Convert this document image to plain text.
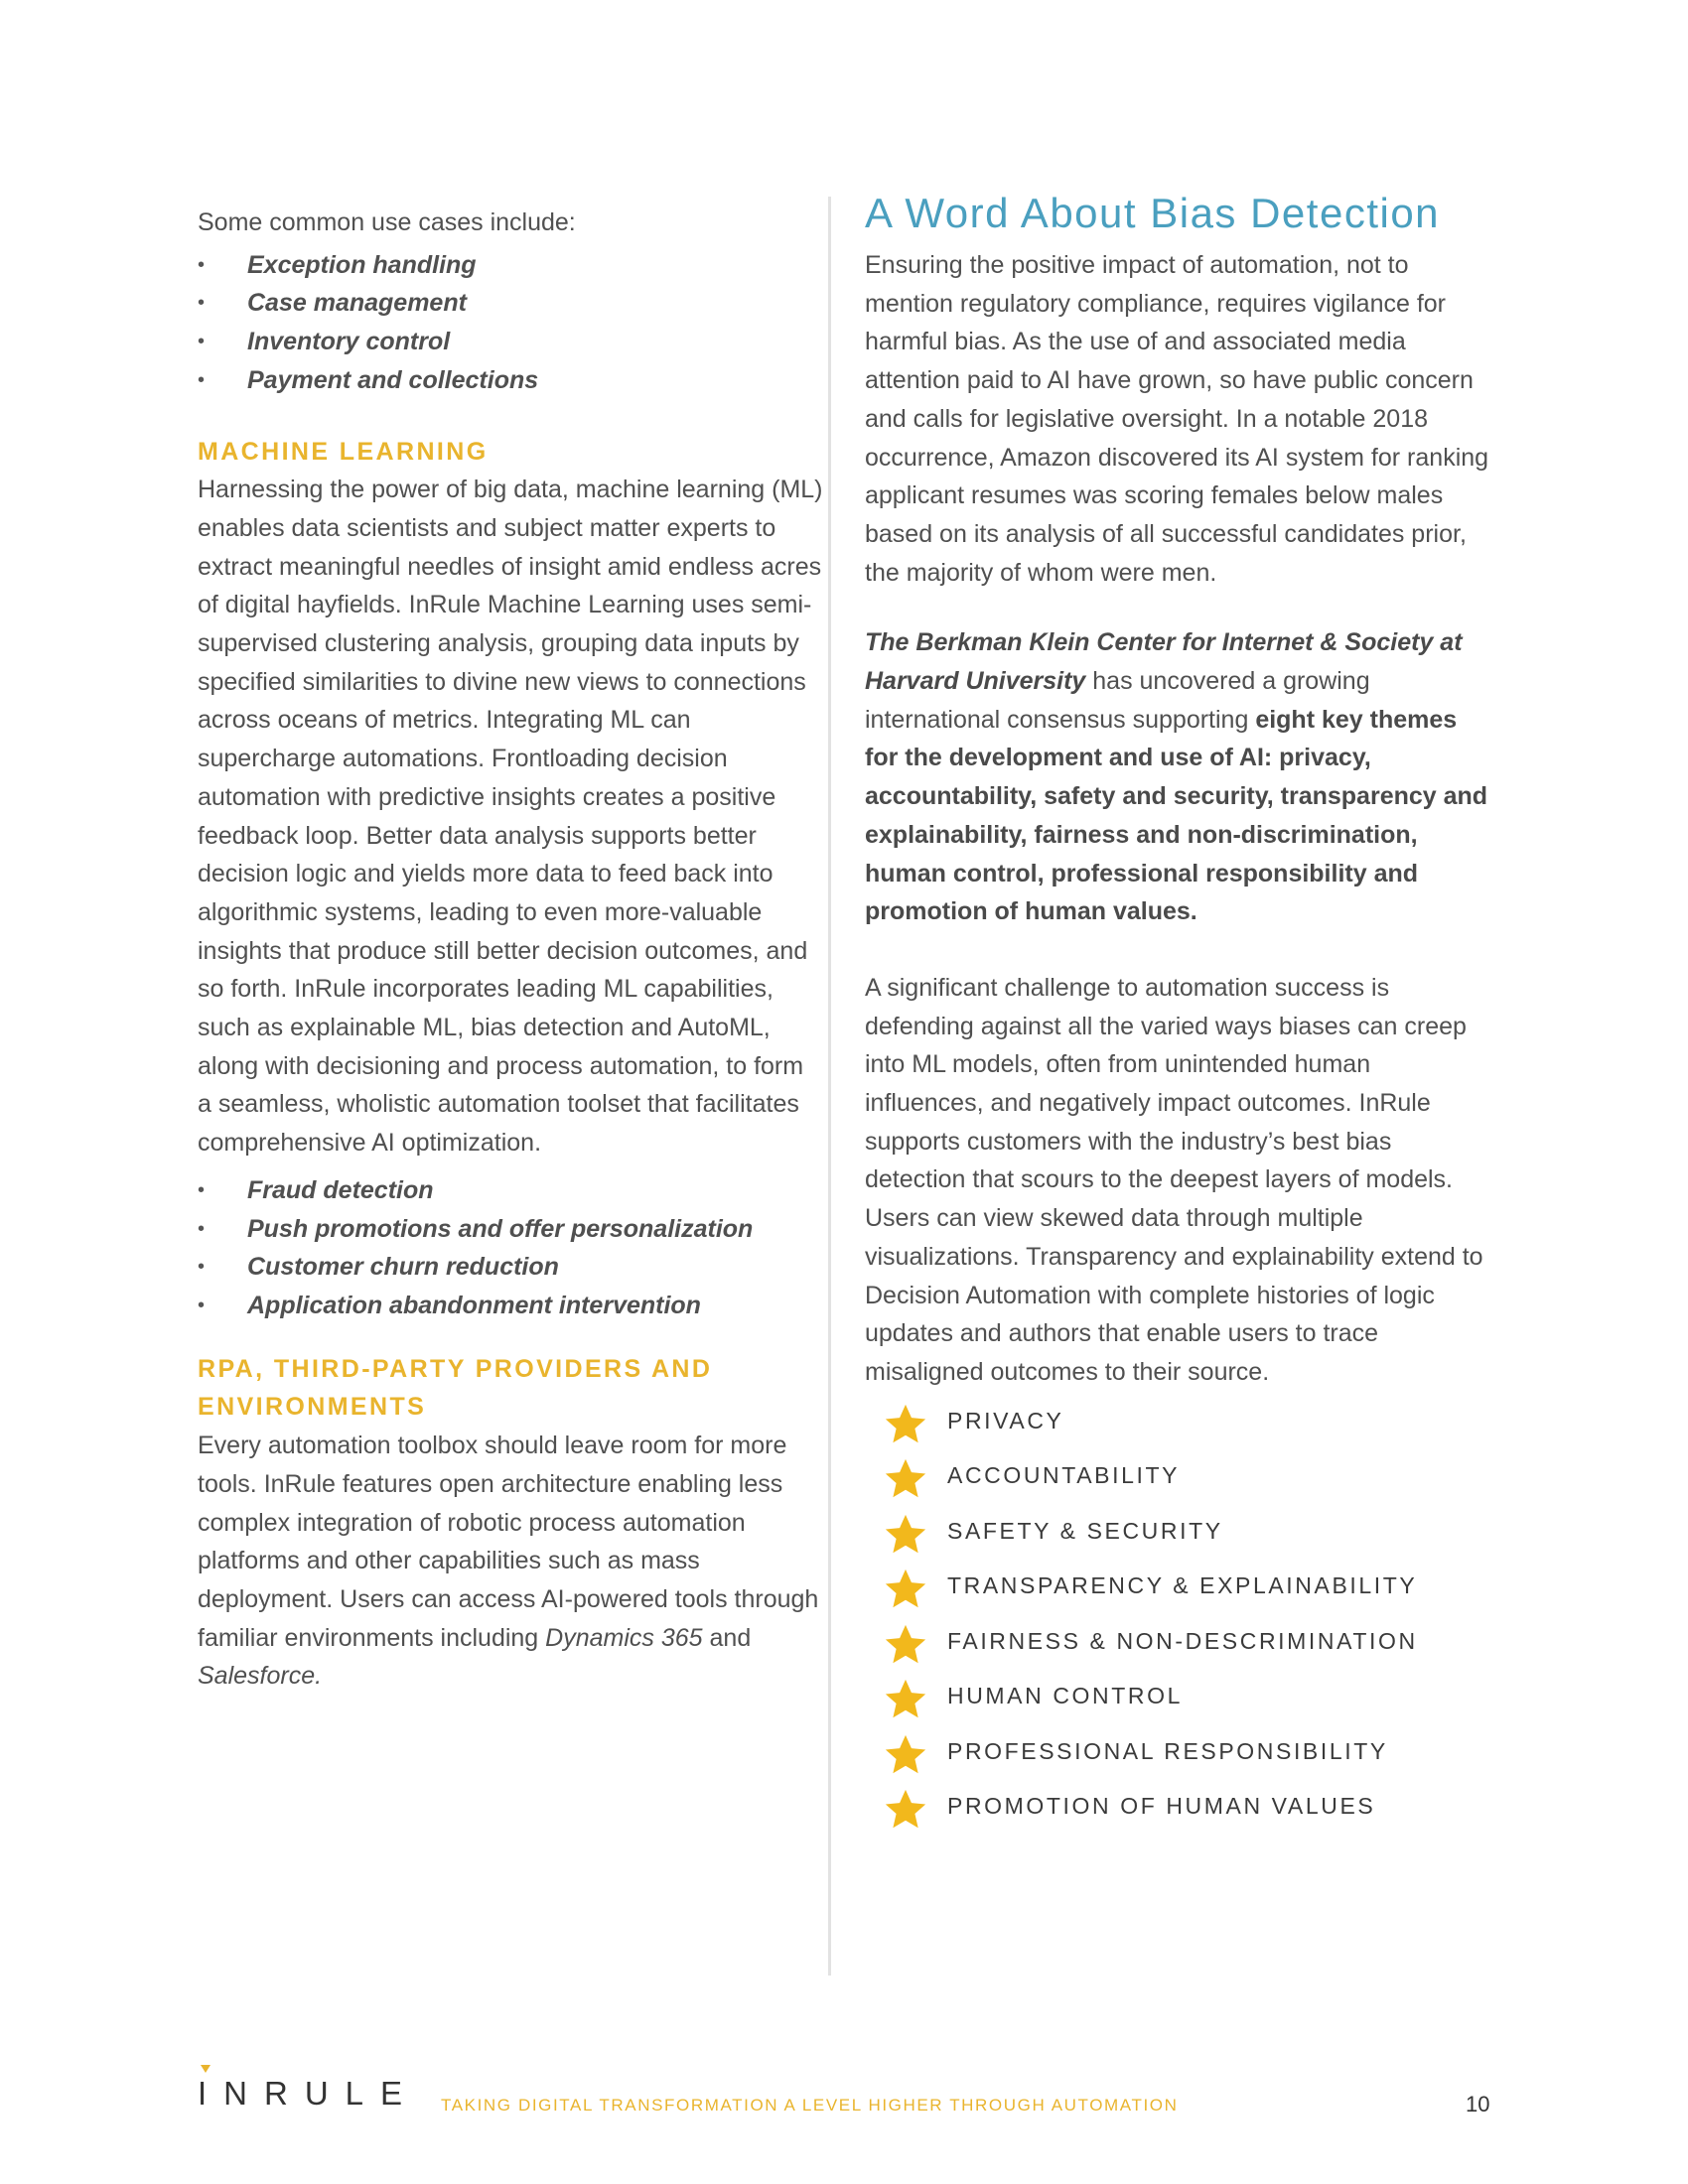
Some common use cases include:

• Exception handling
• Case management
• Inventory control
• Payment and collections
MACHINE LEARNING

Harnessing the power of big data, machine learning (ML) enables data scientists and subject matter experts to extract meaningful needles of insight amid endless acres of digital hayfields. InRule Machine Learning uses semi-supervised clustering analysis, grouping data inputs by specified similarities to divine new views to connections across oceans of metrics. Integrating ML can supercharge automations. Frontloading decision automation with predictive insights creates a positive feedback loop. Better data analysis supports better decision logic and yields more data to feed back into algorithmic systems, leading to even more-valuable insights that produce still better decision outcomes, and so forth. InRule incorporates leading ML capabilities, such as explainable ML, bias detection and AutoML, along with decisioning and process automation, to form a seamless, wholistic automation toolset that facilitates comprehensive AI optimization.

• Fraud detection
• Push promotions and offer personalization
• Customer churn reduction
• Application abandonment intervention
RPA, THIRD-PARTY PROVIDERS AND
ENVIRONMENTS

Every automation toolbox should leave room for more tools. InRule features open architecture enabling less complex integration of robotic process automation platforms and other capabilities such as mass deployment. Users can access AI-powered tools through familiar environments including Dynamics 365 and Salesforce.

A Word About Bias Detection

Ensuring the positive impact of automation, not to mention regulatory compliance, requires vigilance for harmful bias. As the use of and associated media attention paid to AI have grown, so have public concern and calls for legislative oversight. In a notable 2018 occurrence, Amazon discovered its AI system for ranking applicant resumes was scoring females below males based on its analysis of all successful candidates prior, the majority of whom were men.

The Berkman Klein Center for Internet & Society at Harvard University has uncovered a growing international consensus supporting eight key themes for the development and use of AI: privacy, accountability, safety and security, transparency and explainability, fairness and non-discrimination, human control, professional responsibility and promotion of human values.

A significant challenge to automation success is defending against all the varied ways biases can creep into ML models, often from unintended human influences, and negatively impact outcomes. InRule supports customers with the industry’s best bias detection that scours to the deepest layers of models. Users can view skewed data through multiple visualizations. Transparency and explainability extend to Decision Automation with complete histories of logic updates and authors that enable users to trace misaligned outcomes to their source.

PRIVACY
ACCOUNTABILITY
SAFETY & SECURITY
TRANSPARENCY & EXPLAINABILITY
FAIRNESS & NON-DESCRIMINATION
HUMAN CONTROL
PROFESSIONAL RESPONSIBILITY
PROMOTION OF HUMAN VALUES
INRULE TAKING DIGITAL TRANSFORMATION A LEVEL HIGHER THROUGH AUTOMATION	10
